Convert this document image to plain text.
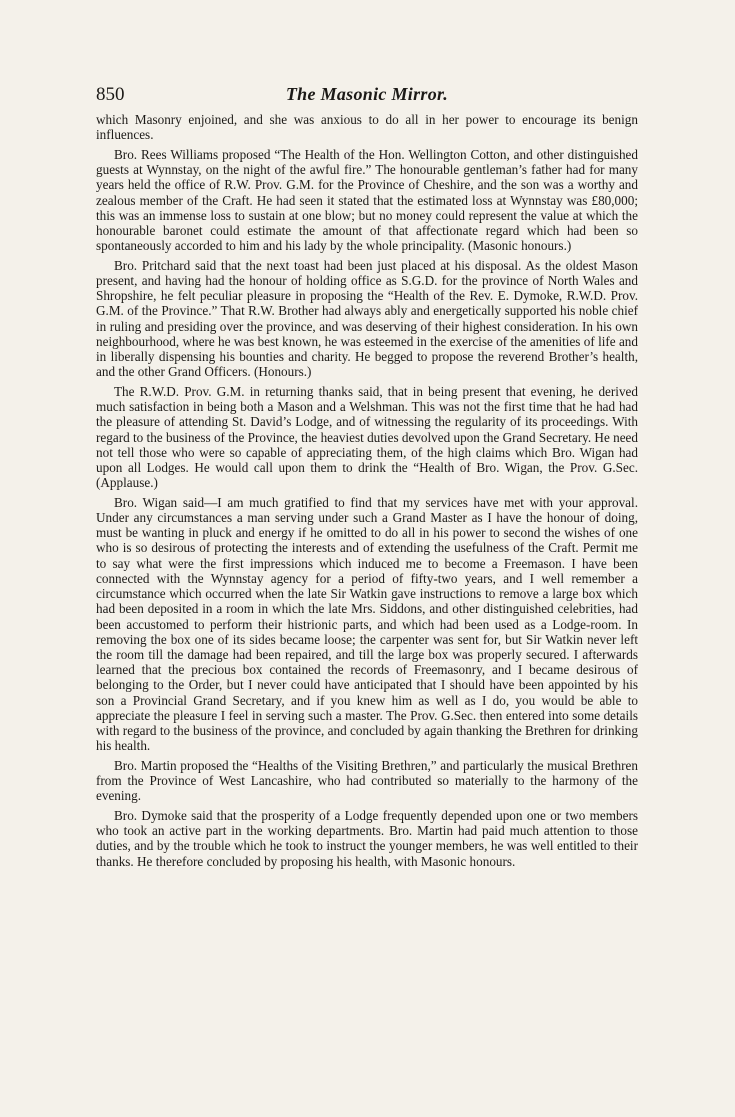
850	The Masonic Mirror.

which Masonry enjoined, and she was anxious to do all in her power to encourage its benign influences.

Bro. Rees Williams proposed “The Health of the Hon. Wellington Cotton, and other distinguished guests at Wynnstay, on the night of the awful fire.” The honourable gentleman’s father had for many years held the office of R.W. Prov. G.M. for the Province of Cheshire, and the son was a worthy and zealous member of the Craft. He had seen it stated that the estimated loss at Wynnstay was £80,000; this was an immense loss to sustain at one blow; but no money could represent the value at which the honourable baronet could estimate the amount of that affectionate regard which had been so spontaneously accorded to him and his lady by the whole principality. (Masonic honours.)

Bro. Pritchard said that the next toast had been just placed at his disposal. As the oldest Mason present, and having had the honour of holding office as S.G.D. for the province of North Wales and Shropshire, he felt peculiar pleasure in proposing the “Health of the Rev. E. Dymoke, R.W.D. Prov. G.M. of the Province.” That R.W. Brother had always ably and energetically supported his noble chief in ruling and presiding over the province, and was deserving of their highest consideration. In his own neighbourhood, where he was best known, he was esteemed in the exercise of the amenities of life and in liberally dispensing his bounties and charity. He begged to propose the reverend Brother’s health, and the other Grand Officers. (Honours.)

The R.W.D. Prov. G.M. in returning thanks said, that in being present that evening, he derived much satisfaction in being both a Mason and a Welshman. This was not the first time that he had had the pleasure of attending St. David’s Lodge, and of witnessing the regularity of its proceedings. With regard to the business of the Province, the heaviest duties devolved upon the Grand Secretary. He need not tell those who were so capable of appreciating them, of the high claims which Bro. Wigan had upon all Lodges. He would call upon them to drink the “Health of Bro. Wigan, the Prov. G.Sec. (Applause.)

Bro. Wigan said—I am much gratified to find that my services have met with your approval. Under any circumstances a man serving under such a Grand Master as I have the honour of doing, must be wanting in pluck and energy if he omitted to do all in his power to second the wishes of one who is so desirous of protecting the interests and of extending the usefulness of the Craft. Permit me to say what were the first impressions which induced me to become a Freemason. I have been connected with the Wynnstay agency for a period of fifty-two years, and I well remember a circumstance which occurred when the late Sir Watkin gave instructions to remove a large box which had been deposited in a room in which the late Mrs. Siddons, and other distinguished celebrities, had been accustomed to perform their histrionic parts, and which had been used as a Lodge-room. In removing the box one of its sides became loose; the carpenter was sent for, but Sir Watkin never left the room till the damage had been repaired, and till the large box was properly secured. I afterwards learned that the precious box contained the records of Freemasonry, and I became desirous of belonging to the Order, but I never could have anticipated that I should have been appointed by his son a Provincial Grand Secretary, and if you knew him as well as I do, you would be able to appreciate the pleasure I feel in serving such a master. The Prov. G.Sec. then entered into some details with regard to the business of the province, and concluded by again thanking the Brethren for drinking his health.

Bro. Martin proposed the “Healths of the Visiting Brethren,” and particularly the musical Brethren from the Province of West Lancashire, who had contributed so materially to the harmony of the evening.

Bro. Dymoke said that the prosperity of a Lodge frequently depended upon one or two members who took an active part in the working departments. Bro. Martin had paid much attention to those duties, and by the trouble which he took to instruct the younger members, he was well entitled to their thanks. He therefore concluded by proposing his health, with Masonic honours.
